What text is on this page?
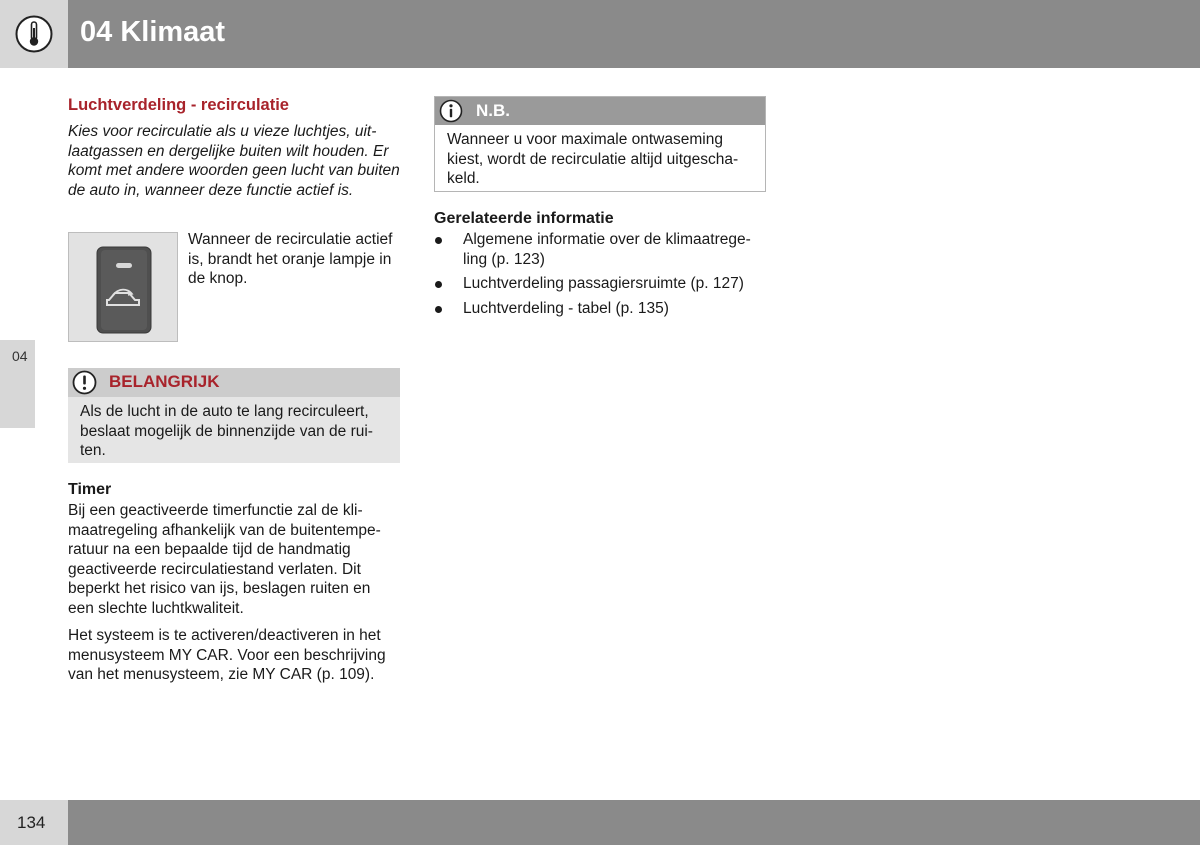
04 Klimaat
04
Luchtverdeling - recirculatie

Kies voor recirculatie als u vieze luchtjes, uitlaatgassen en dergelijke buiten wilt houden. Er komt met andere woorden geen lucht van buiten de auto in, wanneer deze functie actief is.

Wanneer de recirculatie actief is, brandt het oranje lampje in de knop.

BELANGRIJK

Als de lucht in de auto te lang recirculeert, beslaat mogelijk de binnenzijde van de ruiten.

Timer

Bij een geactiveerde timerfunctie zal de klimaatregeling afhankelijk van de buitentemperatuur na een bepaalde tijd de handmatig geactiveerde recirculatiestand verlaten. Dit beperkt het risico van ijs, beslagen ruiten en een slechte luchtkwaliteit.

Het systeem is te activeren/deactiveren in het menusysteem MY CAR. Voor een beschrijving van het menusysteem, zie MY CAR (p. 109).

N.B.

Wanneer u voor maximale ontwaseming kiest, wordt de recirculatie altijd uitgeschakeld.

Gerelateerde informatie
Algemene informatie over de klimaatregeling (p. 123)
Luchtverdeling passagiersruimte (p. 127)
Luchtverdeling - tabel (p. 135)
134
